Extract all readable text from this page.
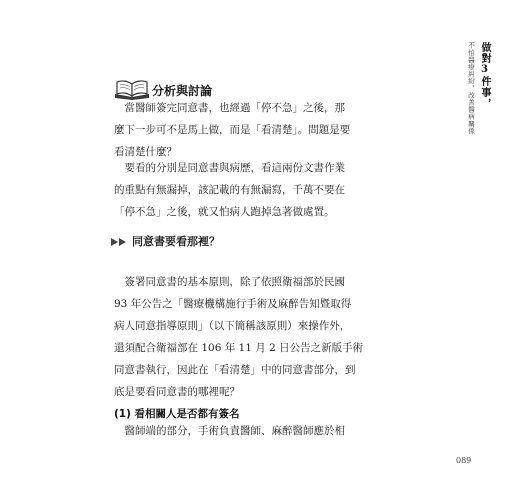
做對3件事，
不怕醫療糾紛，改善醫病關係
分析與討論

　當醫師簽完同意書，也經過「停不急」之後，那
麼下一步可不是馬上做，而是「看清楚」。問題是要
看清楚什麼？

　要看的分別是同意書與病歷，看這兩份文書作業
的重點有無漏掉，該記載的有無漏寫，千萬不要在
「停不急」之後，就又怕病人跑掉急著做處置。

同意書要看那裡？

　簽署同意書的基本原則，除了依照衛福部於民國
93 年公告之「醫療機構施行手術及麻醉告知暨取得
病人同意指導原則」（以下簡稱該原則）來操作外，
還須配合衛福部在 106 年 11 月 2 日公告之新版手術
同意書執行，因此在「看清楚」中的同意書部分，到
底是要看同意書的哪裡呢？

(1) 看相關人是否都有簽名

　醫師端的部分，手術負責醫師、麻醉醫師應於相

089
